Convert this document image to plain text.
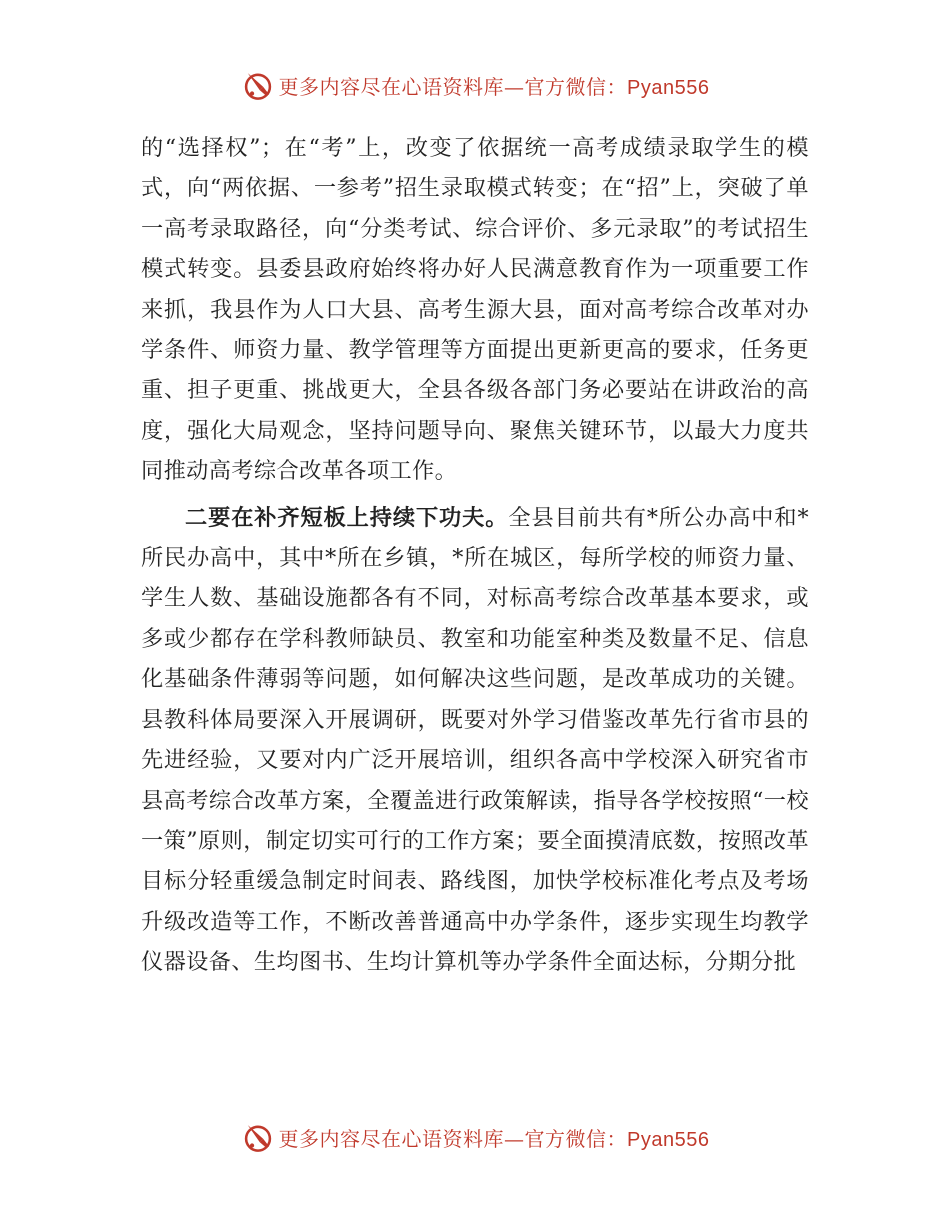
更多内容尽在心语资料库—官方微信：Pyan556

的“选择权”；在“考”上，改变了依据统一高考成绩录取学生的模式，向“两依据、一参考”招生录取模式转变；在“招”上，突破了单一高考录取路径，向“分类考试、综合评价、多元录取”的考试招生模式转变。县委县政府始终将办好人民满意教育作为一项重要工作来抓，我县作为人口大县、高考生源大县，面对高考综合改革对办学条件、师资力量、教学管理等方面提出更新更高的要求，任务更重、担子更重、挑战更大，全县各级各部门务必要站在讲政治的高度，强化大局观念，坚持问题导向、聚焦关键环节，以最大力度共同推动高考综合改革各项工作。

二要在补齐短板上持续下功夫。全县目前共有*所公办高中和*所民办高中，其中*所在乡镇，*所在城区，每所学校的师资力量、学生人数、基础设施都各有不同，对标高考综合改革基本要求，或多或少都存在学科教师缺员、教室和功能室种类及数量不足、信息化基础条件薄弱等问题，如何解决这些问题，是改革成功的关键。县教科体局要深入开展调研，既要对外学习借鉴改革先行省市县的先进经验，又要对内广泛开展培训，组织各高中学校深入研究省市县高考综合改革方案，全覆盖进行政策解读，指导各学校按照“一校一策”原则，制定切实可行的工作方案；要全面摸清底数，按照改革目标分轻重缓急制定时间表、路线图，加快学校标准化考点及考场升级改造等工作，不断改善普通高中办学条件，逐步实现生均教学仪器设备、生均图书、生均计算机等办学条件全面达标，分期分批

更多内容尽在心语资料库—官方微信：Pyan556
